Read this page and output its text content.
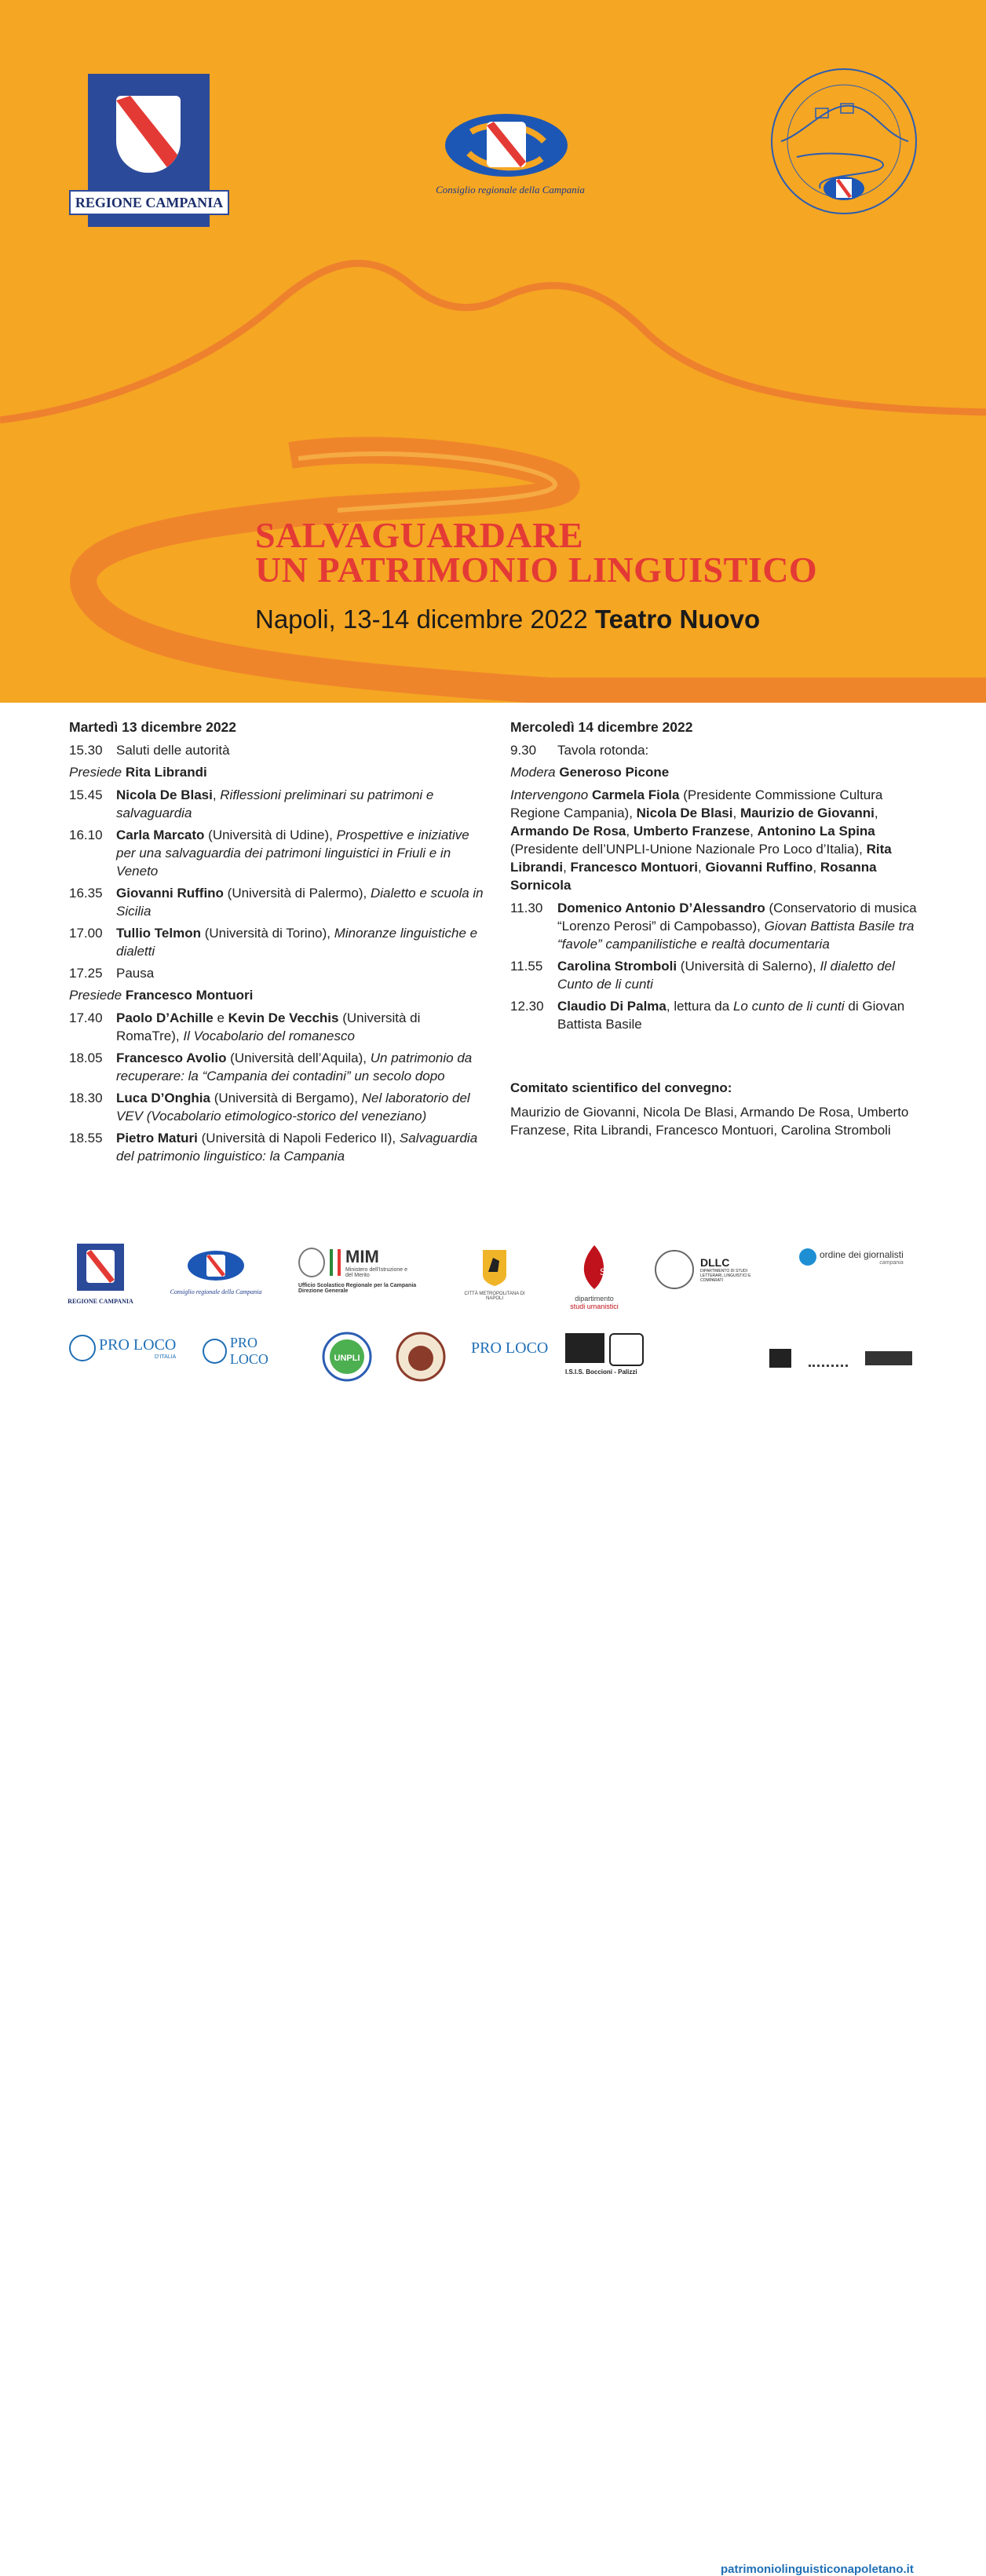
REGIONE CAMPANIA
Consiglio regionale della Campania
SALVAGUARDARE
UN PATRIMONIO LINGUISTICO
Napoli, 13-14 dicembre 2022 Teatro Nuovo
Martedì 13 dicembre 2022
15.30	Saluti delle autorità
Presiede Rita Librandi
15.45	Nicola De Blasi, Riflessioni preliminari su patrimoni e salvaguardia
16.10	Carla Marcato (Università di Udine), Prospettive e iniziative per una salvaguardia dei patrimoni linguistici in Friuli e in Veneto
16.35	Giovanni Ruffino (Università di Palermo), Dialetto e scuola in Sicilia
17.00	Tullio Telmon (Università di Torino), Minoranze linguistiche e dialetti
17.25	Pausa
Presiede Francesco Montuori
17.40	Paolo D’Achille e Kevin De Vecchis (Università di RomaTre), Il Vocabolario del romanesco
18.05	Francesco Avolio (Università dell’Aquila), Un patrimonio da recuperare: la “Campania dei contadini” un secolo dopo
18.30	Luca D’Onghia (Università di Bergamo), Nel laboratorio del VEV (Vocabolario etimologico-storico del veneziano)
18.55	Pietro Maturi (Università di Napoli Federico II), Salvaguardia del patrimonio linguistico: la Campania
Mercoledì 14 dicembre 2022
9.30	Tavola rotonda:
Modera Generoso Picone
Intervengono Carmela Fiola (Presidente Commissione Cultura Regione Campania), Nicola De Blasi, Maurizio de Giovanni, Armando De Rosa, Umberto Franzese, Antonino La Spina (Presidente dell’UNPLI-Unione Nazionale Pro Loco d’Italia), Rita Librandi, Francesco Montuori, Giovanni Ruffino, Rosanna Sornicola
11.30	Domenico Antonio D’Alessandro (Conservatorio di musica “Lorenzo Perosi” di Campobasso), Giovan Battista Basile tra “favole” campanilistiche e realtà documentaria
11.55	Carolina Stromboli (Università di Salerno), Il dialetto del Cunto de li cunti
12.30	Claudio Di Palma, lettura da Lo cunto de li cunti di Giovan Battista Basile
Comitato scientifico del convegno:
Maurizio de Giovanni, Nicola De Blasi, Armando De Rosa, Umberto Franzese, Rita Librandi, Francesco Montuori, Carolina Stromboli
REGIONE CAMPANIA
Consiglio regionale della Campania
MIM
Ministero dell’Istruzione e del Merito
Ufficio Scolastico Regionale per la Campania Direzione Generale	CITTÀ METROPOLITANA DI NAPOLI
SU
dipartimento
studi umanistici
DLLC
DIPARTIMENTO DI STUDI LETTERARI, LINGUISTICI E COMPARATI
ordine dei giornalisti
campania
PRO LOCO
D’ITALIA
PRO LOCO	UNPLI
PRO LOCO
I.S.I.S. Boccioni - Palizzi
patrimoniolinguisticonapoletano.it
